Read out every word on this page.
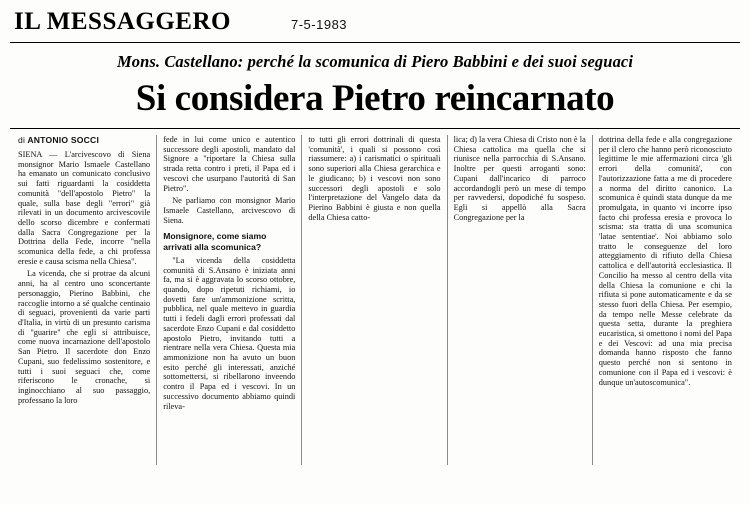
IL MESSAGGERO	7-5-1983
Mons. Castellano: perché la scomunica di Piero Babbini e dei suoi seguaci
Si considera Pietro reincarnato
di ANTONIO SOCCI

SIENA — L'arcivescovo di Siena monsignor Mario Ismaele Castellano ha emanato un comunicato conclusivo sui fatti riguardanti la cosiddetta comunità "dell'apostolo Pietro" la quale, sulla base degli "errori" già rilevati in un documento arcivescovile dello scorso dicembre e confermati dalla Sacra Congregazione per la Dottrina della Fede, incorre "nella scomunica della fede, a chi professa eresie e causa scisma nella Chiesa".

La vicenda, che si protrae da alcuni anni, ha al centro uno sconcertante personaggio, Pierino Babbini, che raccoglie intorno a sé qualche centinaio di seguaci, provenienti da varie parti d'Italia, in virtù di un presunto carisma di "guarire" che egli si attribuisce, come nuova incarnazione dell'apostolo San Pietro. Il sacerdote don Enzo Cupani, suo fedelissimo sostenitore, e tutti i suoi seguaci che, come riferiscono le cronache, si inginocchiano al suo passaggio, professano la loro

fede in lui come unico e autentico successore degli apostoli, mandato dal Signore a "riportare la Chiesa sulla strada retta contro i preti, il Papa ed i vescovi che usurpano l'autorità di San Pietro".

Ne parliamo con monsignor Mario Ismaele Castellano, arcivescovo di Siena.

Monsignore, come siamo arrivati alla scomunica?

"La vicenda della cosiddetta comunità di S.Ansano è iniziata anni fa, ma si è aggravata lo scorso ottobre, quando, dopo ripetuti richiami, io dovetti fare un'ammonizione scritta, pubblica, nel quale mettevo in guardia tutti i fedeli dagli errori professati dal sacerdote Enzo Cupani e dal cosiddetto apostolo Pietro, invitando tutti a rientrare nella vera Chiesa. Questa mia ammonizione non ha avuto un buon esito perché gli interessati, anziché sottomettersi, si ribellarono inveendo contro il Papa ed i vescovi. In un successivo documento abbiamo quindi rileva-

to tutti gli errori dottrinali di questa 'comunità', i quali si possono così riassumere: a) i carismatici o spirituali sono superiori alla Chiesa gerarchica e le giudicano; b) i vescovi non sono successori degli apostoli e solo l'interpretazione del Vangelo data da Pierino Babbini è giusta e non quella della Chiesa catto-

lica; d) la vera Chiesa di Cristo non è la Chiesa cattolica ma quella che si riunisce nella parrocchia di S.Ansano. Inoltre per questi arroganti sono: Cupani dall'incarico di parroco accordandogli però un mese di tempo per ravvedersi, dopodiché fu sospeso. Egli si appellò alla Sacra Congregazione per la

dottrina della fede e alla congregazione per il clero che hanno però riconosciuto legittime le mie affermazioni circa 'gli errori della comunità', con l'autorizzazione fatta a me di procedere a norma del diritto canonico. La scomunica è quindi stata dunque da me promulgata, in quanto vi incorre ipso facto chi professa eresia e provoca lo scisma: sta tratta di una scomunica 'latae sententiae'. Noi abbiamo solo tratto le conseguenze del loro atteggiamento di rifiuto della Chiesa cattolica e dell'autorità ecclesiastica. Il Concilio ha messo al centro della vita della Chiesa la comunione e chi la rifiuta si pone automaticamente e da se stesso fuori della Chiesa. Per esempio, da tempo nelle Messe celebrate da questa setta, durante la preghiera eucaristica, si omettono i nomi del Papa e dei Vescovi: ad una mia precisa domanda hanno risposto che fanno questo perché non si sentono in comunione con il Papa ed i vescovi: è dunque un'autoscomunica".
